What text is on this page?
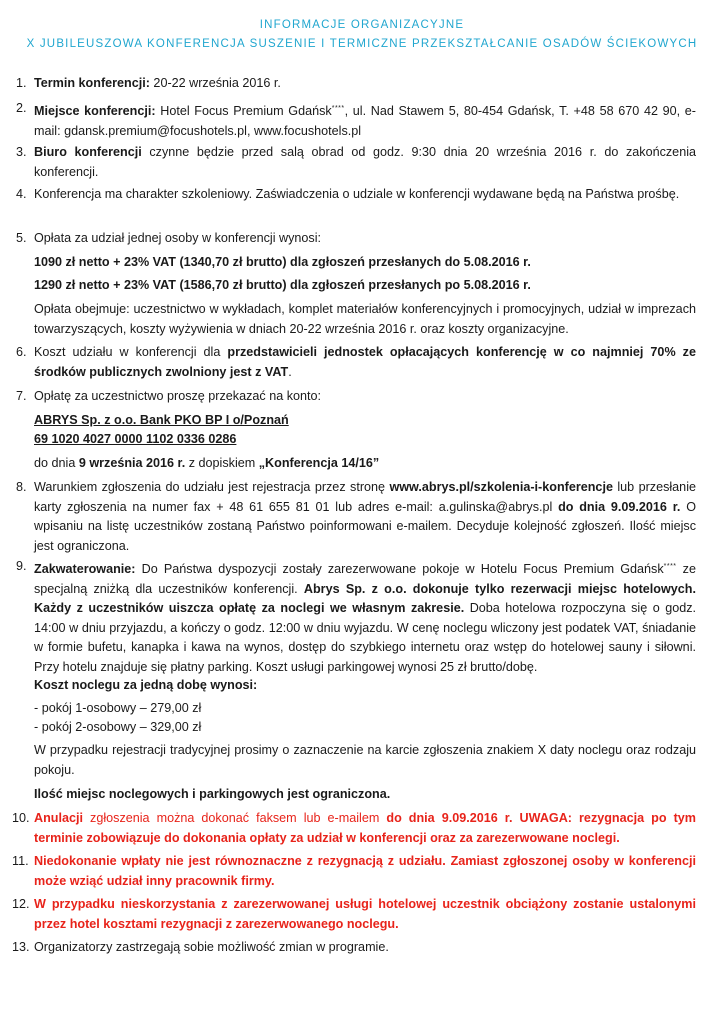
INFORMACJE ORGANIZACYJNE
X JUBILEUSZOWA KONFERENCJA SUSZENIE I TERMICZNE PRZEKSZTAŁCANIE OSADÓW ŚCIEKOWYCH
1. Termin konferencji: 20-22 września 2016 r.
2. Miejsce konferencji: Hotel Focus Premium Gdańsk****, ul. Nad Stawem 5, 80-454 Gdańsk, T. +48 58 670 42 90, e-mail: gdansk.premium@focushotels.pl, www.focushotels.pl
3. Biuro konferencji czynne będzie przed salą obrad od godz. 9:30 dnia 20 września 2016 r. do zakończenia konferencji.
4. Konferencja ma charakter szkoleniowy. Zaświadczenia o udziale w konferencji wydawane będą na Państwa prośbę.
5. Opłata za udział jednej osoby w konferencji wynosi:
1090 zł netto + 23% VAT (1340,70 zł brutto) dla zgłoszeń przesłanych do 5.08.2016 r.
1290 zł netto + 23% VAT (1586,70 zł brutto) dla zgłoszeń przesłanych po 5.08.2016 r.
Opłata obejmuje: uczestnictwo w wykładach, komplet materiałów konferencyjnych i promocyjnych, udział w imprezach towarzyszących, koszty wyżywienia w dniach 20-22 września 2016 r. oraz koszty organizacyjne.
6. Koszt udziału w konferencji dla przedstawicieli jednostek opłacających konferencję w co najmniej 70% ze środków publicznych zwolniony jest z VAT.
7. Opłatę za uczestnictwo proszę przekazać na konto:
ABRYS Sp. z o.o. Bank PKO BP I o/Poznań
69 1020 4027 0000 1102 0336 0286
do dnia 9 września 2016 r. z dopiskiem „Konferencja 14/16”
8. Warunkiem zgłoszenia do udziału jest rejestracja przez stronę www.abrys.pl/szkolenia-i-konferencje lub przesłanie karty zgłoszenia na numer fax + 48 61 655 81 01 lub adres e-mail: a.gulinska@abrys.pl do dnia 9.09.2016 r. O wpisaniu na listę uczestników zostaną Państwo poinformowani e-mailem. Decyduje kolejność zgłoszeń. Ilość miejsc jest ograniczona.
9. Zakwaterowanie: Do Państwa dyspozycji zostały zarezerwowane pokoje w Hotelu Focus Premium Gdańsk**** ze specjalną zniżką dla uczestników konferencji. Abrys Sp. z o.o. dokonuje tylko rezerwacji miejsc hotelowych. Każdy z uczestników uiszcza opłatę za noclegi we własnym zakresie. Doba hotelowa rozpoczyna się o godz. 14:00 w dniu przyjazdu, a kończy o godz. 12:00 w dniu wyjazdu. W cenę noclegu wliczony jest podatek VAT, śniadanie w formie bufetu, kanapka i kawa na wynos, dostęp do szybkiego internetu oraz wstęp do hotelowej sauny i siłowni. Przy hotelu znajduje się płatny parking. Koszt usługi parkingowej wynosi 25 zł brutto/dobę.
Koszt noclegu za jedną dobę wynosi:
- pokój 1-osobowy – 279,00 zł
- pokój 2-osobowy – 329,00 zł
W przypadku rejestracji tradycyjnej prosimy o zaznaczenie na karcie zgłoszenia znakiem X daty noclegu oraz rodzaju pokoju.
Ilość miejsc noclegowych i parkingowych jest ograniczona.
10. Anulacji zgłoszenia można dokonać faksem lub e-mailem do dnia 9.09.2016 r. UWAGA: rezygnacja po tym terminie zobowiązuje do dokonania opłaty za udział w konferencji oraz za zarezerwowane noclegi.
11. Niedokonanie wpłaty nie jest równoznaczne z rezygnacją z udziału. Zamiast zgłoszonej osoby w konferencji może wziąć udział inny pracownik firmy.
12. W przypadku nieskorzystania z zarezerwowanej usługi hotelowej uczestnik obciążony zostanie ustalonymi przez hotel kosztami rezygnacji z zarezerwowanego noclegu.
13. Organizatorzy zastrzegają sobie możliwość zmian w programie.
